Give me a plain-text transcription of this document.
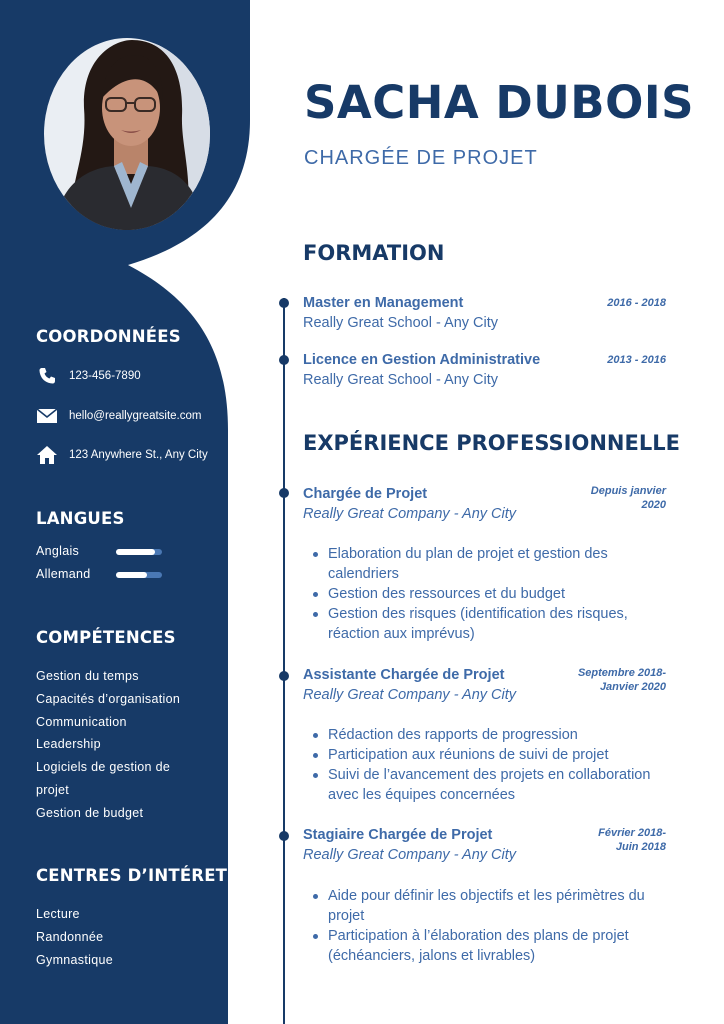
COORDONNÉES
123-456-7890
hello@reallygreatsite.com
123 Anywhere St., Any City
LANGUES
Anglais
Allemand
COMPÉTENCES
Gestion du temps
Capacités d’organisation
Communication
Leadership
Logiciels de gestion de
projet
Gestion de budget
CENTRES D’INTÉRET
Lecture
Randonnée
Gymnastique
SACHA DUBOIS
CHARGÉE DE PROJET
FORMATION
Master en Management	2016 - 2018
Really Great School - Any City
Licence en Gestion Administrative	2013 - 2016
Really Great School - Any City
EXPÉRIENCE PROFESSIONNELLE
Chargée de Projet	Depuis janvier
2020
Really Great Company - Any City
Elaboration du plan de projet et gestion des calendriers
Gestion des ressources et du budget
Gestion des risques (identification des risques, réaction aux imprévus)
Assistante Chargée de Projet	Septembre 2018-
Janvier 2020
Really Great Company - Any City
Rédaction des rapports de progression
Participation aux réunions de suivi de projet
Suivi de l’avancement des projets en collaboration avec les équipes concernées
Stagiaire Chargée de Projet	Février 2018-
Juin 2018
Really Great Company - Any City
Aide pour définir les objectifs et les périmètres du projet
Participation à l’élaboration des plans de projet (échéanciers, jalons et livrables)
